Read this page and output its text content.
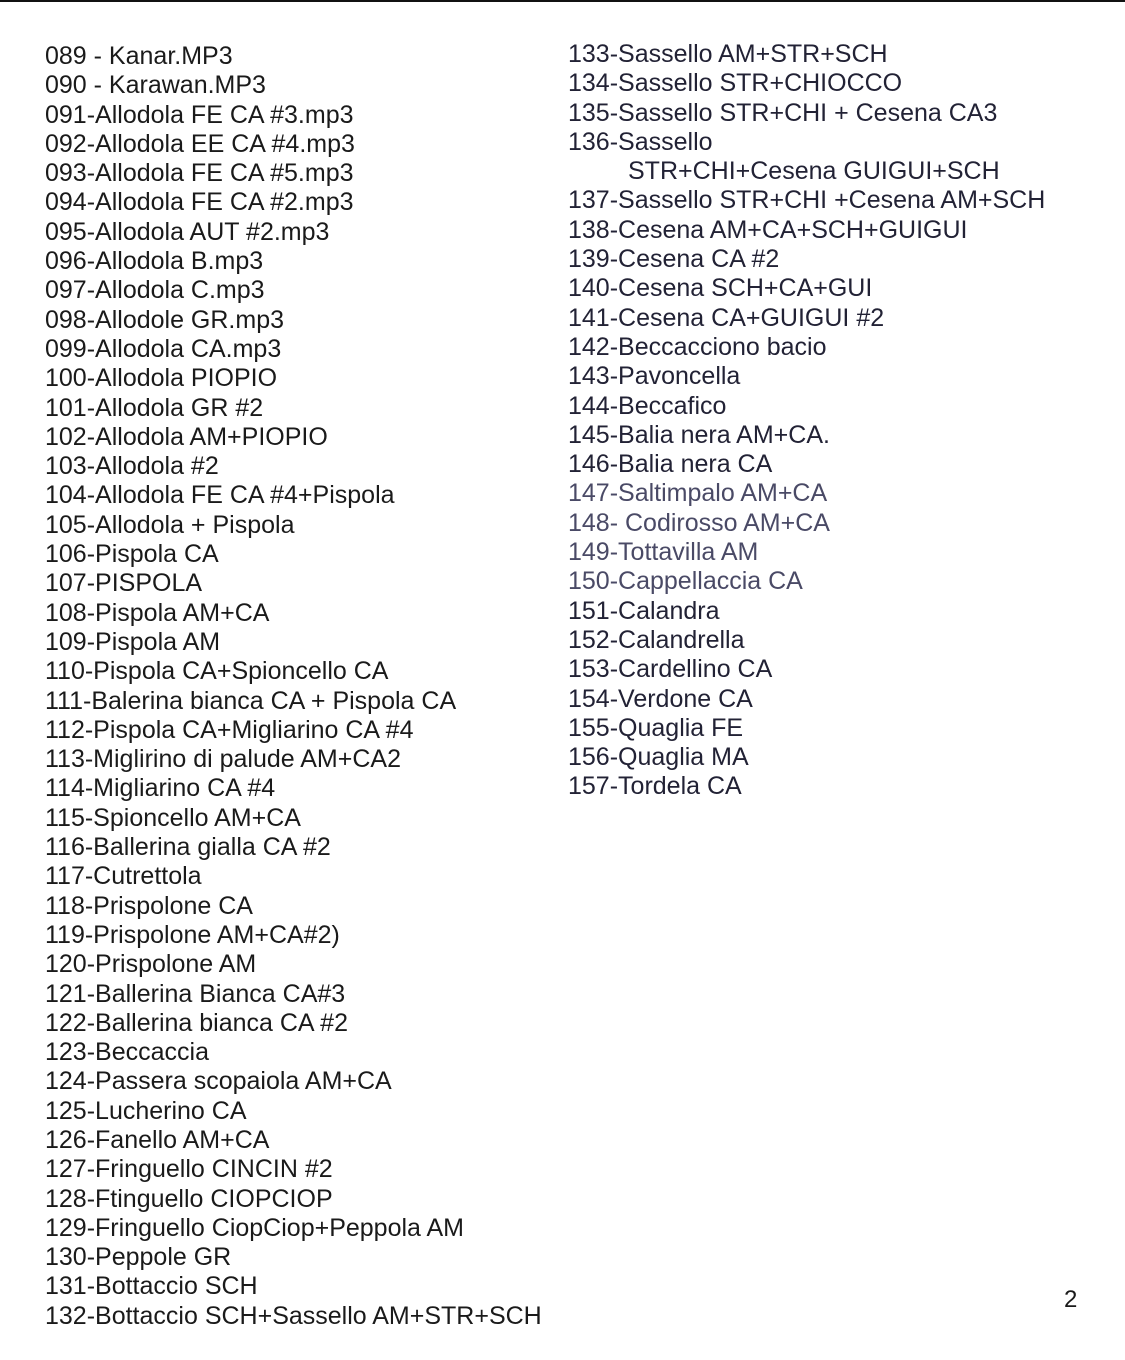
089 - Kanar.MP3
090 - Karawan.MP3
091-Allodola FE CA #3.mp3
092-Allodola EE CA #4.mp3
093-Allodola FE CA #5.mp3
094-Allodola FE CA #2.mp3
095-Allodola AUT #2.mp3
096-Allodola B.mp3
097-Allodola C.mp3
098-Allodole GR.mp3
099-Allodola CA.mp3
100-Allodola PIOPIO
101-Allodola GR #2
102-Allodola AM+PIOPIO
103-Allodola #2
104-Allodola FE CA #4+Pispola
105-Allodola + Pispola
106-Pispola CA
107-PISPOLA
108-Pispola AM+CA
109-Pispola AM
110-Pispola CA+Spioncello CA
111-Balerina bianca CA + Pispola CA
112-Pispola CA+Migliarino CA #4
113-Miglirino di palude AM+CA2
114-Migliarino CA #4
115-Spioncello AM+CA
116-Ballerina gialla CA #2
117-Cutrettola
118-Prispolone CA
119-Prispolone AM+CA#2)
120-Prispolone AM
121-Ballerina Bianca CA#3
122-Ballerina bianca CA #2
123-Beccaccia
124-Passera scopaiola AM+CA
125-Lucherino CA
126-Fanello AM+CA
127-Fringuello CINCIN #2
128-Ftinguello CIOPCIOP
129-Fringuello CiopCiop+Peppola AM
130-Peppole GR
131-Bottaccio SCH
132-Bottaccio SCH+Sassello AM+STR+SCH
133-Sassello AM+STR+SCH
134-Sassello STR+CHIOCCO
135-Sassello STR+CHI + Cesena CA3
136-Sassello
STR+CHI+Cesena GUIGUI+SCH
137-Sassello STR+CHI +Cesena AM+SCH
138-Cesena AM+CA+SCH+GUIGUI
139-Cesena CA #2
140-Cesena SCH+CA+GUI
141-Cesena CA+GUIGUI #2
142-Beccacciono bacio
143-Pavoncella
144-Beccafico
145-Balia nera AM+CA.
146-Balia nera CA
147-Saltimpalo AM+CA
148- Codirosso AM+CA
149-Tottavilla AM
150-Cappellaccia CA
151-Calandra
152-Calandrella
153-Cardellino CA
154-Verdone CA
155-Quaglia FE
156-Quaglia MA
157-Tordela CA
2
